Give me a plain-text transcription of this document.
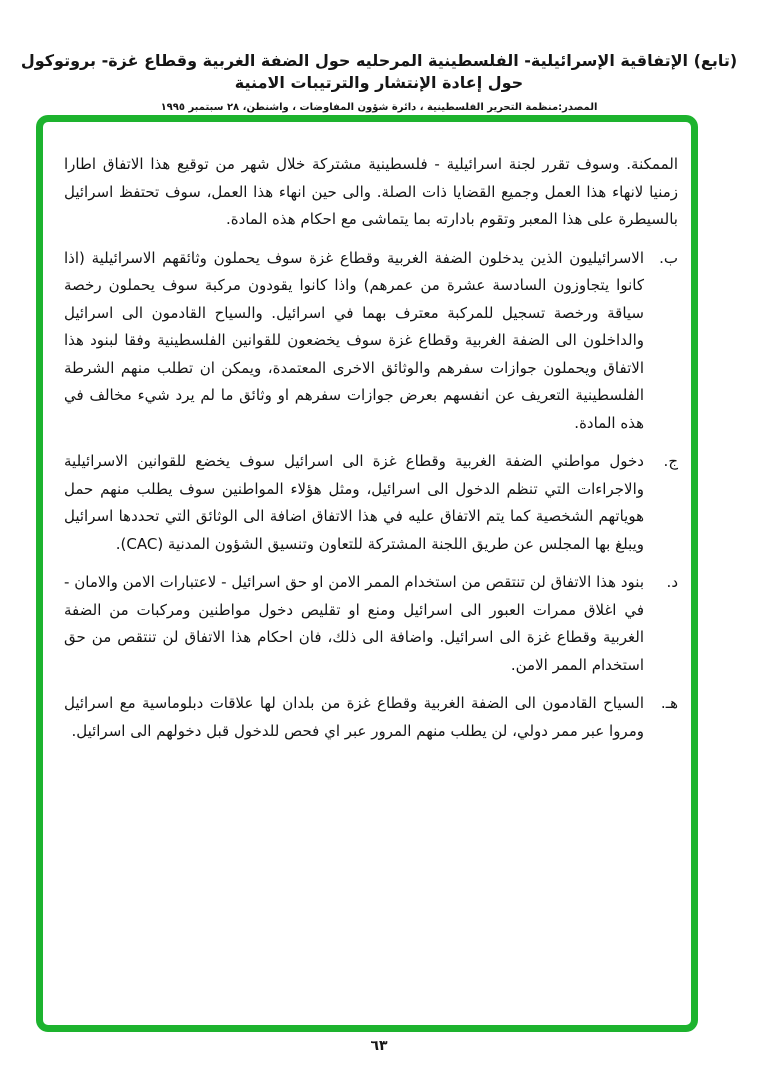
(تابع) الإتفاقية الإسرائيلية- الفلسطينية المرحليه حول الضفة الغربية وقطاع غزة- بروتوكول حول إعادة الإنتشار والترتيبات الامنية
المصدر:منظمة التحرير الفلسطينية ، دائرة شؤون المفاوضات ، واشنطن، ٢٨ سبتمبر ١٩٩٥
الممكنة. وسوف تقرر لجنة اسرائيلية - فلسطينية مشتركة خلال شهر من توقيع هذا الاتفاق اطارا زمنيا لانهاء هذا العمل وجميع القضايا ذات الصلة. والى حين انهاء هذا العمل، سوف تحتفظ اسرائيل بالسيطرة على هذا المعبر وتقوم بادارته بما يتماشى مع احكام هذه المادة.
ب.
الاسرائيليون الذين يدخلون الضفة الغربية وقطاع غزة سوف يحملون وثائقهم الاسرائيلية (اذا كانوا يتجاوزون السادسة عشرة من عمرهم) واذا كانوا يقودون مركبة سوف يحملون رخصة سياقة ورخصة تسجيل للمركبة معترف بهما في اسرائيل. والسياح القادمون الى اسرائيل والداخلون الى الضفة الغربية وقطاع غزة سوف يخضعون للقوانين الفلسطينية وفقا لبنود هذا الاتفاق ويحملون جوازات سفرهم والوثائق الاخرى المعتمدة، ويمكن ان تطلب منهم الشرطة الفلسطينية التعريف عن انفسهم بعرض جوازات سفرهم او وثائق ما لم يرد شيء مخالف في هذه المادة.
ج.
دخول مواطني الضفة الغربية وقطاع غزة الى اسرائيل سوف يخضع للقوانين الاسرائيلية والاجراءات التي تنظم الدخول الى اسرائيل، ومثل هؤلاء المواطنين سوف يطلب منهم حمل هوياتهم الشخصية كما يتم الاتفاق عليه في هذا الاتفاق اضافة الى الوثائق التي تحددها اسرائيل ويبلغ بها المجلس عن طريق اللجنة المشتركة للتعاون وتنسيق الشؤون المدنية (CAC).
د.
بنود هذا الاتفاق لن تنتقص من استخدام الممر الامن او حق اسرائيل - لاعتبارات الامن والامان - في اغلاق ممرات العبور الى اسرائيل ومنع او تقليص دخول مواطنين ومركبات من الضفة الغربية وقطاع غزة الى اسرائيل. واضافة الى ذلك، فان احكام هذا الاتفاق لن تنتقص من حق استخدام الممر الامن.
هـ.
السياح القادمون الى الضفة الغربية وقطاع غزة من بلدان لها علاقات دبلوماسية مع اسرائيل ومروا عبر ممر دولي، لن يطلب منهم المرور عبر اي فحص للدخول قبل دخولهم الى اسرائيل.
٦٣
